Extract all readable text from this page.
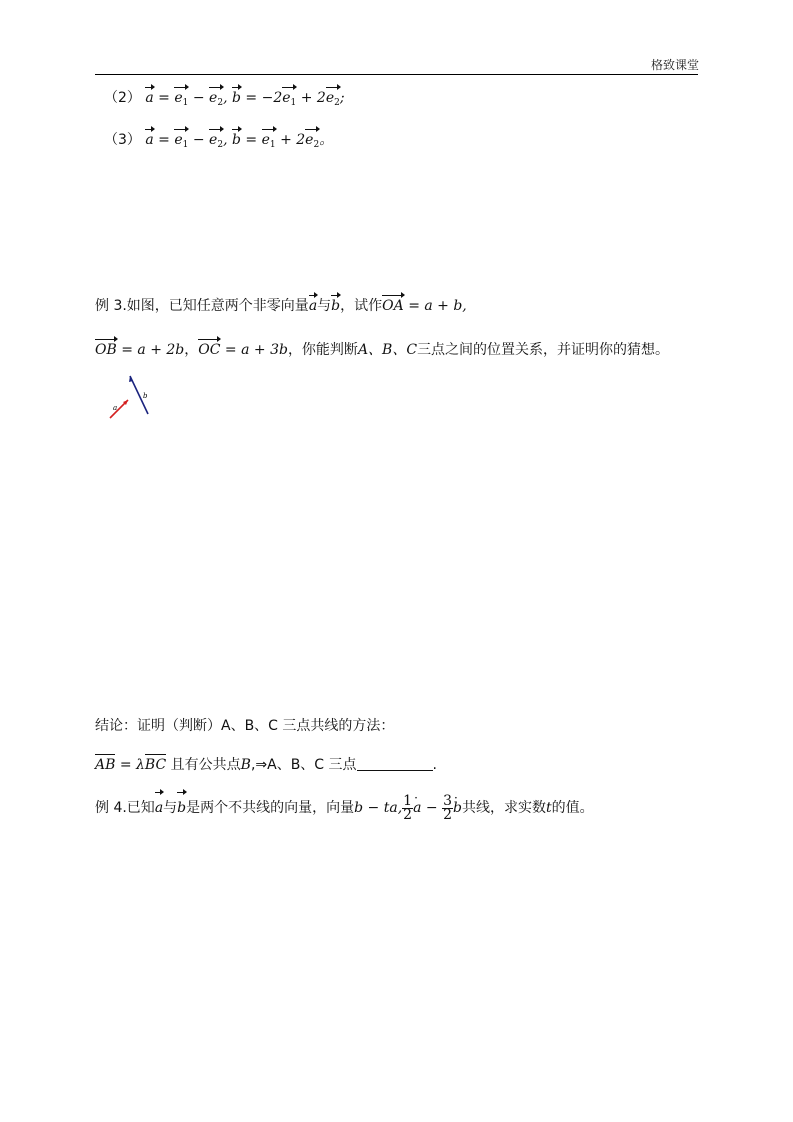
格致课堂
（2） $a = e_1 - e_2$, $b = -2e_1 + 2e_2$;
（3） $a = e_1 - e_2$, $b = e_1 + 2e_2$。
例 3.如图，已知任意两个非零向量a与b，试作OA = a + b,
OB = a + 2b，OC = a + 3b，你能判断A、B、C三点之间的位置关系，并证明你的猜想。
a
b
结论：证明（判断）A、B、C 三点共线的方法：
AB = λBC 且有公共点B,⇒A、B、C 三点	.
例 4.已知a与b是两个不共线的向量，向量b − ta, $\frac{1}{2}$ a · − $\frac{3}{2}$ b ·共线，求实数t的值。
